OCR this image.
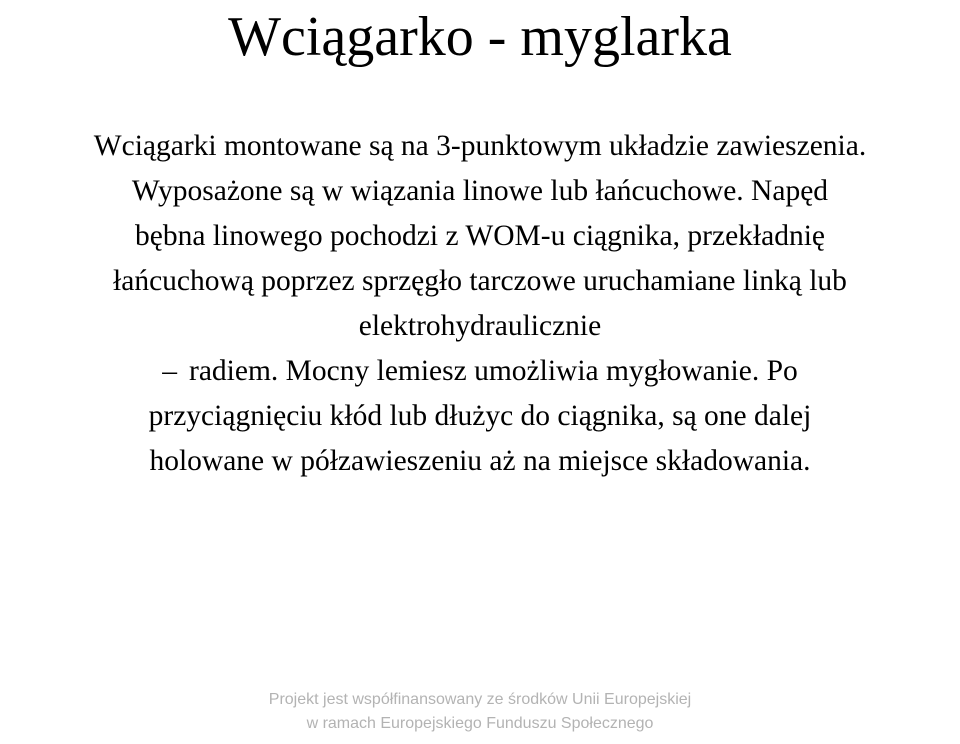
Wciągarko - myglarka
Wciągarki montowane są na 3-punktowym układzie zawieszenia.
Wyposażone są w wiązania linowe lub łańcuchowe. Napęd
bębna linowego pochodzi z WOM-u ciągnika, przekładnię
łańcuchową poprzez sprzęgło tarczowe uruchamiane linką lub
elektrohydraulicznie
– radiem. Mocny lemiesz umożliwia mygłowanie. Po
przyciągnięciu kłód lub dłużyc do ciągnika, są one dalej
holowane w półzawieszeniu aż na miejsce składowania.
Projekt jest współfinansowany ze środków Unii Europejskiej
w ramach Europejskiego Funduszu Społecznego
